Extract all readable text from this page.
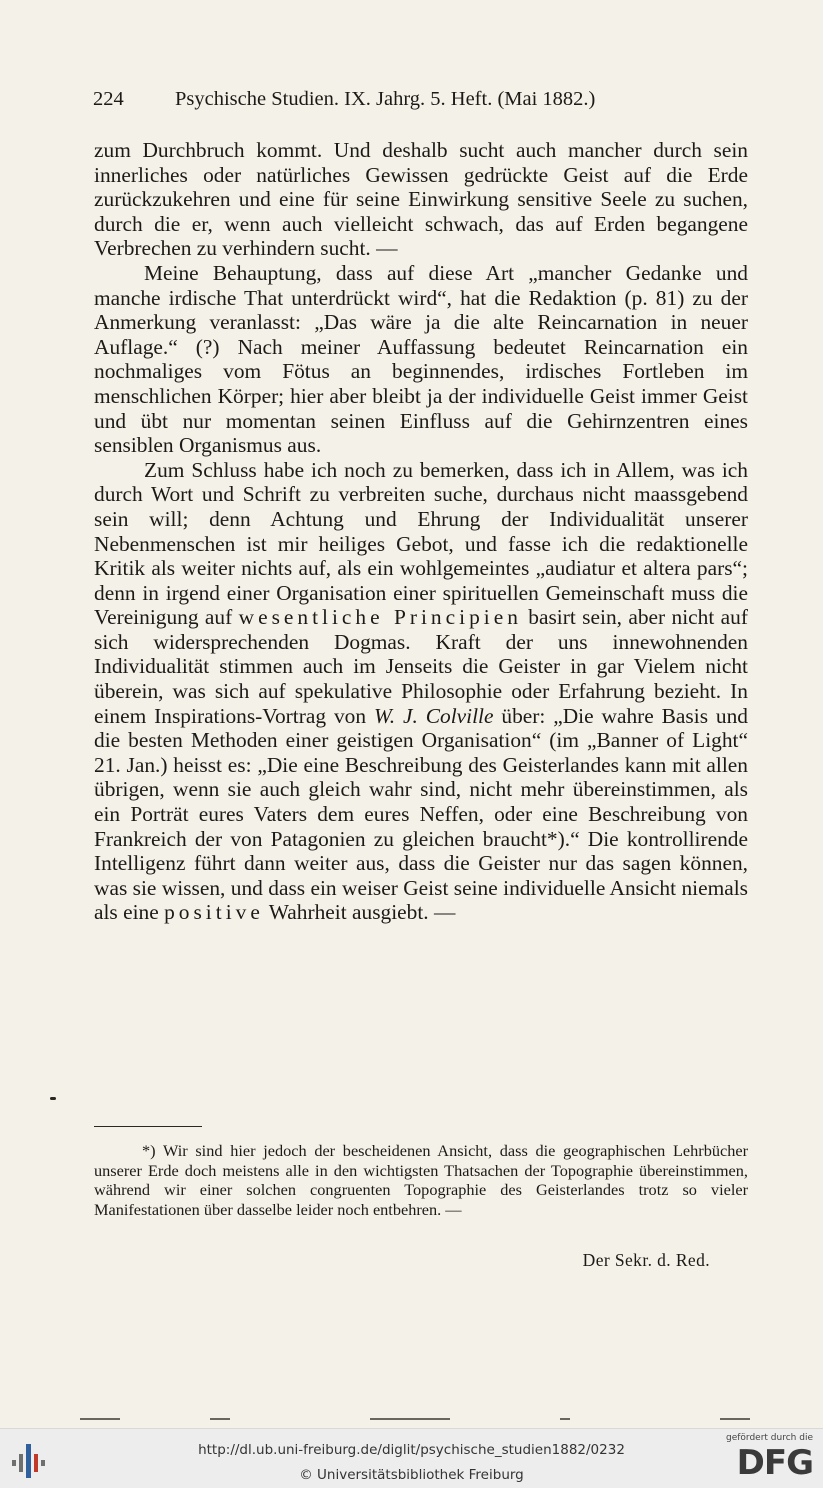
224	Psychische Studien. IX. Jahrg. 5. Heft. (Mai 1882.)

zum Durchbruch kommt. Und deshalb sucht auch mancher durch sein innerliches oder natürliches Gewissen gedrückte Geist auf die Erde zurückzukehren und eine für seine Einwirkung sensitive Seele zu suchen, durch die er, wenn auch vielleicht schwach, das auf Erden begangene Verbrechen zu verhindern sucht. —

Meine Behauptung, dass auf diese Art „mancher Gedanke und manche irdische That unterdrückt wird“, hat die Redaktion (p. 81) zu der Anmerkung veranlasst: „Das wäre ja die alte Reincarnation in neuer Auflage.“ (?) Nach meiner Auffassung bedeutet Reincarnation ein nochmaliges vom Fötus an beginnendes, irdisches Fortleben im menschlichen Körper; hier aber bleibt ja der individuelle Geist immer Geist und übt nur momentan seinen Einfluss auf die Gehirnzentren eines sensiblen Organismus aus.

Zum Schluss habe ich noch zu bemerken, dass ich in Allem, was ich durch Wort und Schrift zu verbreiten suche, durchaus nicht maassgebend sein will; denn Achtung und Ehrung der Individualität unserer Nebenmenschen ist mir heiliges Gebot, und fasse ich die redaktionelle Kritik als weiter nichts auf, als ein wohlgemeintes „audiatur et altera pars“; denn in irgend einer Organisation einer spirituellen Gemeinschaft muss die Vereinigung auf wesentliche Principien basirt sein, aber nicht auf sich widersprechenden Dogmas. Kraft der uns innewohnenden Individualität stimmen auch im Jenseits die Geister in gar Vielem nicht überein, was sich auf spekulative Philosophie oder Erfahrung bezieht. In einem Inspirations-Vortrag von W. J. Colville über: „Die wahre Basis und die besten Methoden einer geistigen Organisation“ (im „Banner of Light“ 21. Jan.) heisst es: „Die eine Beschreibung des Geisterlandes kann mit allen übrigen, wenn sie auch gleich wahr sind, nicht mehr übereinstimmen, als ein Porträt eures Vaters dem eures Neffen, oder eine Beschreibung von Frankreich der von Patagonien zu gleichen braucht*).“ Die kontrollirende Intelligenz führt dann weiter aus, dass die Geister nur das sagen können, was sie wissen, und dass ein weiser Geist seine individuelle Ansicht niemals als eine positive Wahrheit ausgiebt. —

*) Wir sind hier jedoch der bescheidenen Ansicht, dass die geographischen Lehrbücher unserer Erde doch meistens alle in den wichtigsten Thatsachen der Topographie übereinstimmen, während wir einer solchen congruenten Topographie des Geisterlandes trotz so vieler Manifestationen über dasselbe leider noch entbehren. —

Der Sekr. d. Red.
http://dl.ub.uni-freiburg.de/diglit/psychische_studien1882/0232
© Universitätsbibliothek Freiburg
gefördert durch die
DFG
